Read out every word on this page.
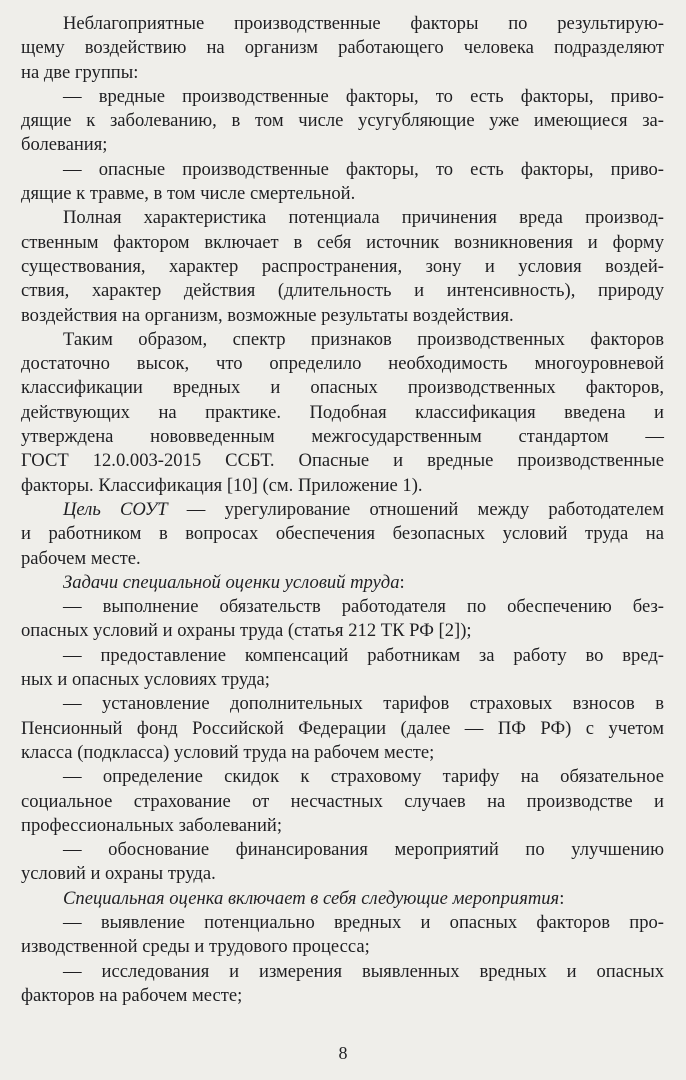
Неблагоприятные производственные факторы по результирую-
щему воздействию на организм работающего человека подразделяют
на две группы:
— вредные производственные факторы, то есть факторы, приво-
дящие к заболеванию, в том числе усугубляющие уже имеющиеся за-
болевания;
— опасные производственные факторы, то есть факторы, приво-
дящие к травме, в том числе смертельной.
Полная характеристика потенциала причинения вреда производ-
ственным фактором включает в себя источник возникновения и форму
существования, характер распространения, зону и условия воздей-
ствия, характер действия (длительность и интенсивность), природу
воздействия на организм, возможные результаты воздействия.
Таким образом, спектр признаков производственных факторов
достаточно высок, что определило необходимость многоуровневой
классификации вредных и опасных производственных факторов,
действующих на практике. Подобная классификация введена и
утверждена нововведенным межгосударственным стандартом —
ГОСТ 12.0.003-2015 ССБТ. Опасные и вредные производственные
факторы. Классификация [10] (см. Приложение 1).
Цель СОУТ — урегулирование отношений между работодателем
и работником в вопросах обеспечения безопасных условий труда на
рабочем месте.
Задачи специальной оценки условий труда:
— выполнение обязательств работодателя по обеспечению без-
опасных условий и охраны труда (статья 212 ТК РФ [2]);
— предоставление компенсаций работникам за работу во вред-
ных и опасных условиях труда;
— установление дополнительных тарифов страховых взносов в
Пенсионный фонд Российской Федерации (далее — ПФ РФ) с учетом
класса (подкласса) условий труда на рабочем месте;
— определение скидок к страховому тарифу на обязательное
социальное страхование от несчастных случаев на производстве и
профессиональных заболеваний;
— обоснование финансирования мероприятий по улучшению
условий и охраны труда.
Специальная оценка включает в себя следующие мероприятия:
— выявление потенциально вредных и опасных факторов про-
изводственной среды и трудового процесса;
— исследования и измерения выявленных вредных и опасных
факторов на рабочем месте;
8
